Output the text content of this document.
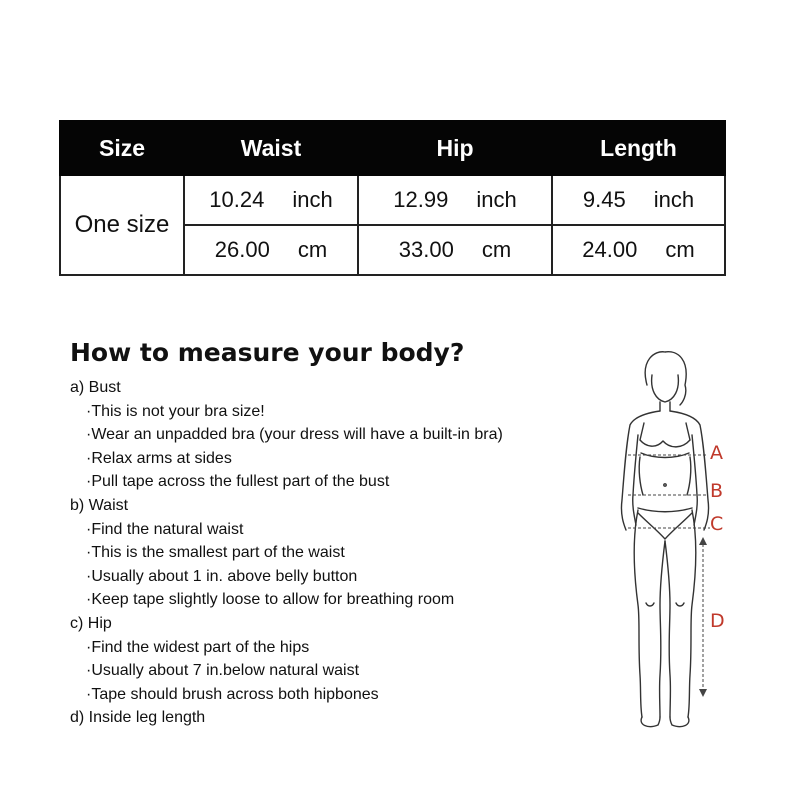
Size	Waist	Hip	Length
One size	10.24 inch	12.99 inch	9.45 inch

	26.00 cm	33.00 cm	24.00 cm
How to measure your body?
a) Bust
·This is not your bra size!
·Wear an unpadded bra (your dress will have a built-in bra)
·Relax arms at sides
·Pull tape across the fullest part of the bust
b) Waist
·Find the natural waist
·This is the smallest part of the waist
·Usually about 1 in. above belly button
·Keep tape slightly loose to allow for breathing room
c) Hip
·Find the widest part of the hips
·Usually about 7 in.below natural waist
·Tape should brush across both hipbones
d) Inside leg length
A
B
C
D
